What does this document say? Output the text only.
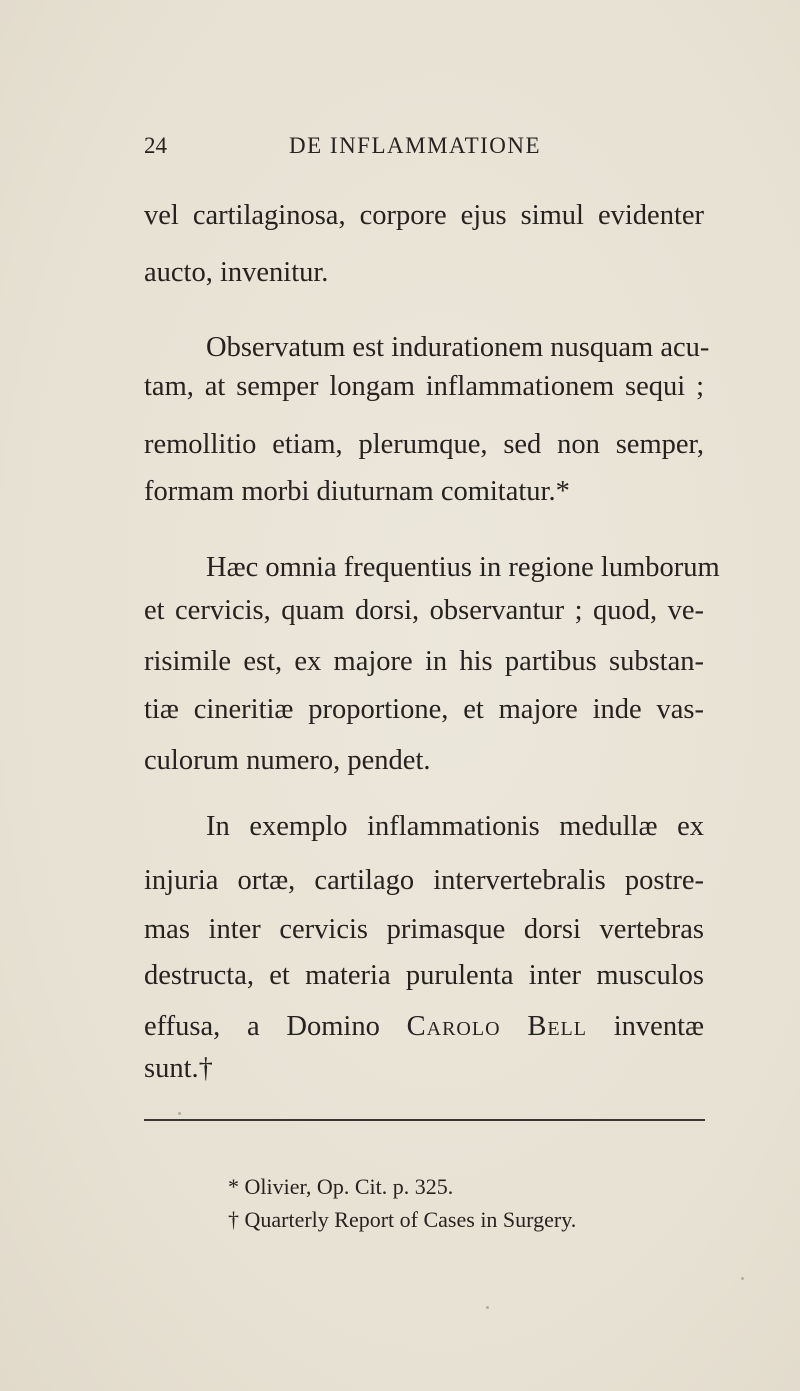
24	DE INFLAMMATIONE
vel cartilaginosa, corpore ejus simul evidenter
aucto, invenitur.
Observatum est indurationem nusquam acu-
tam, at semper longam inflammationem sequi ;
remollitio etiam, plerumque, sed non semper,
formam morbi diuturnam comitatur.*
Hæc omnia frequentius in regione lumborum
et cervicis, quam dorsi, observantur ; quod, ve-
risimile est, ex majore in his partibus substan-
tiæ cineritiæ proportione, et majore inde vas-
culorum numero, pendet.
In exemplo inflammationis medullæ ex
injuria ortæ, cartilago intervertebralis postre-
mas inter cervicis primasque dorsi vertebras
destructa, et materia purulenta inter musculos
effusa, a Domino Carolo Bell inventæ
sunt.†
* Olivier, Op. Cit. p. 325.
† Quarterly Report of Cases in Surgery.
